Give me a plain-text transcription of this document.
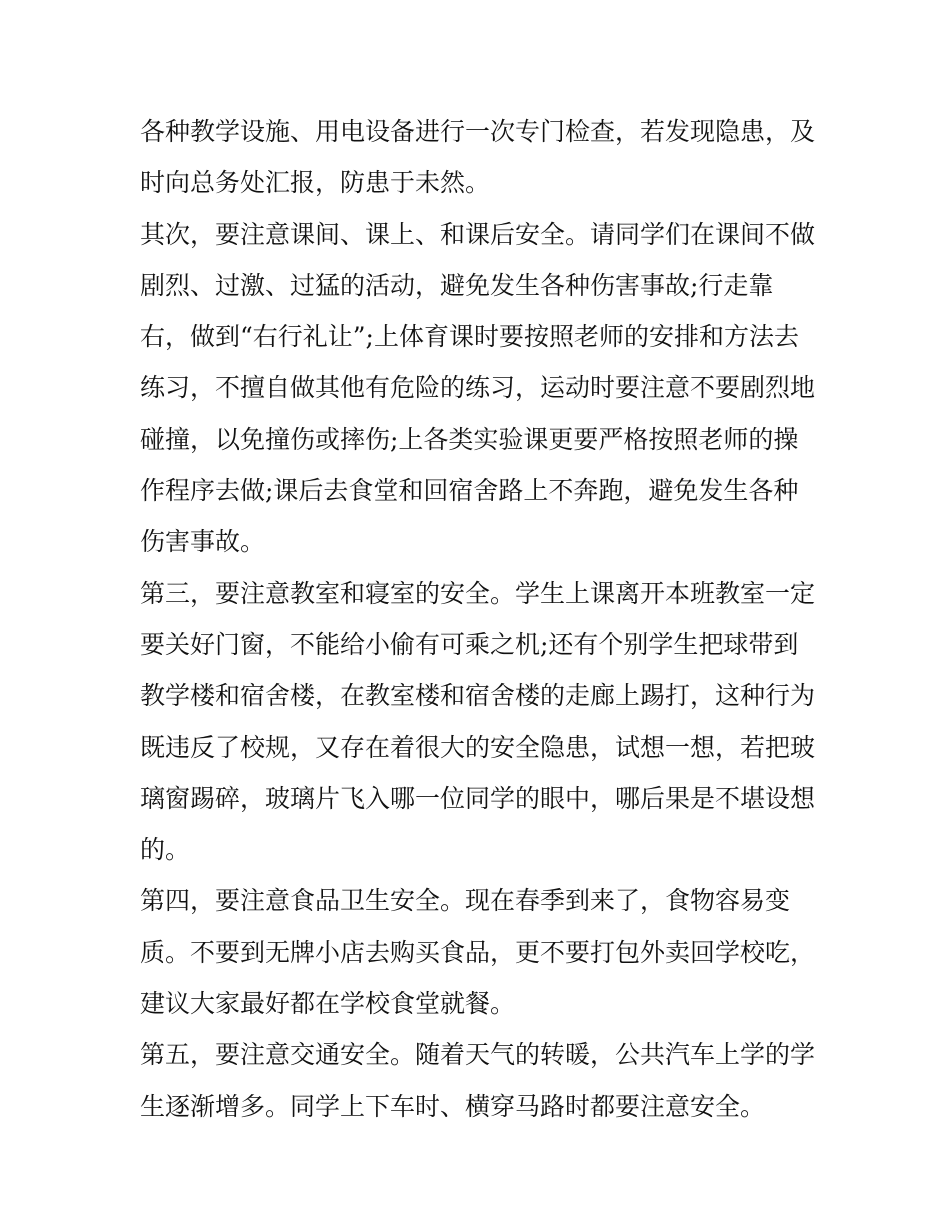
各种教学设施、用电设备进行一次专门检查，若发现隐患，及
时向总务处汇报，防患于未然。
其次，要注意课间、课上、和课后安全。请同学们在课间不做
剧烈、过激、过猛的活动，避免发生各种伤害事故;行走靠
右，做到“右行礼让”;上体育课时要按照老师的安排和方法去
练习，不擅自做其他有危险的练习，运动时要注意不要剧烈地
碰撞，以免撞伤或摔伤;上各类实验课更要严格按照老师的操
作程序去做;课后去食堂和回宿舍路上不奔跑，避免发生各种
伤害事故。
第三，要注意教室和寝室的安全。学生上课离开本班教室一定
要关好门窗，不能给小偷有可乘之机;还有个别学生把球带到
教学楼和宿舍楼，在教室楼和宿舍楼的走廊上踢打，这种行为
既违反了校规，又存在着很大的安全隐患，试想一想，若把玻
璃窗踢碎，玻璃片飞入哪一位同学的眼中，哪后果是不堪设想
的。
第四，要注意食品卫生安全。现在春季到来了，食物容易变
质。不要到无牌小店去购买食品，更不要打包外卖回学校吃，
建议大家最好都在学校食堂就餐。
第五，要注意交通安全。随着天气的转暖，公共汽车上学的学
生逐渐增多。同学上下车时、横穿马路时都要注意安全。
